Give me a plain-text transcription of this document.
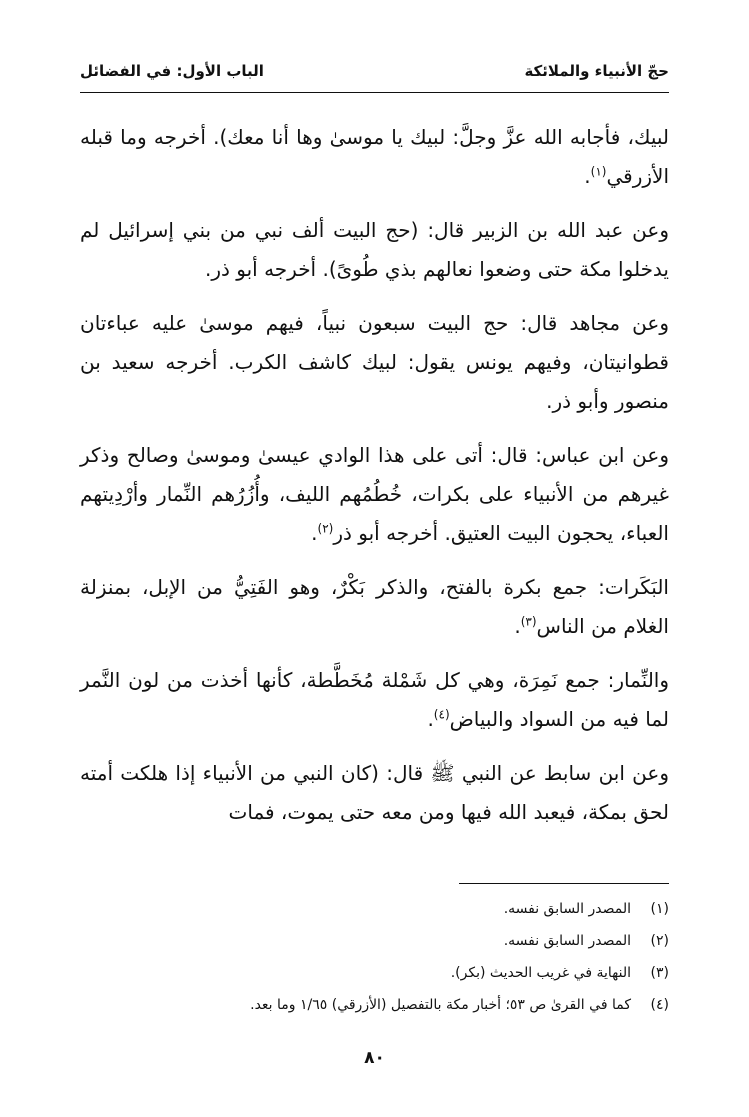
حجّ الأنبياء والملائكة
الباب الأول: في الفضائل

لبيك، فأجابه الله عزَّ وجلَّ: لبيك يا موسىٰ وها أنا معك). أخرجه وما قبله الأزرقي$^{(١)}$.

وعن عبد الله بن الزبير قال: (حج البيت ألف نبي من بني إسرائيل لم يدخلوا مكة حتى وضعوا نعالهم بذي طُوىً). أخرجه أبو ذر.

وعن مجاهد قال: حج البيت سبعون نبياً، فيهم موسىٰ عليه عباءتان قطوانيتان، وفيهم يونس يقول: لبيك كاشف الكرب. أخرجه سعيد بن منصور وأبو ذر.

وعن ابن عباس: قال: أتى على هذا الوادي عيسىٰ وموسىٰ وصالح وذكر غيرهم من الأنبياء على بكرات، خُطُمُهم الليف، وأُزُرُهم النِّمار وأرْدِيتهم العباء، يحجون البيت العتيق. أخرجه أبو ذر$^{(٢)}$.

البَكَرات: جمع بكرة بالفتح، والذكر بَكْرٌ، وهو الفَتِيُّ من الإبل، بمنزلة الغلام من الناس$^{(٣)}$.

والنِّمار: جمع نَمِرَة، وهي كل شَمْلة مُخَطَّطة، كأنها أخذت من لون النَّمر لما فيه من السواد والبياض$^{(٤)}$.

وعن ابن سابط عن النبي ﷺ قال: (كان النبي من الأنبياء إذا هلكت أمته لحق بمكة، فيعبد الله فيها ومن معه حتى يموت، فمات

(١)
المصدر السابق نفسه.
(٢)
المصدر السابق نفسه.
(٣)
النهاية في غريب الحديث (بكر).
(٤)
كما في القرىٰ ص ٥٣؛ أخبار مكة بالتفصيل (الأزرقي) ١/٦٥ وما بعد.
٨٠
